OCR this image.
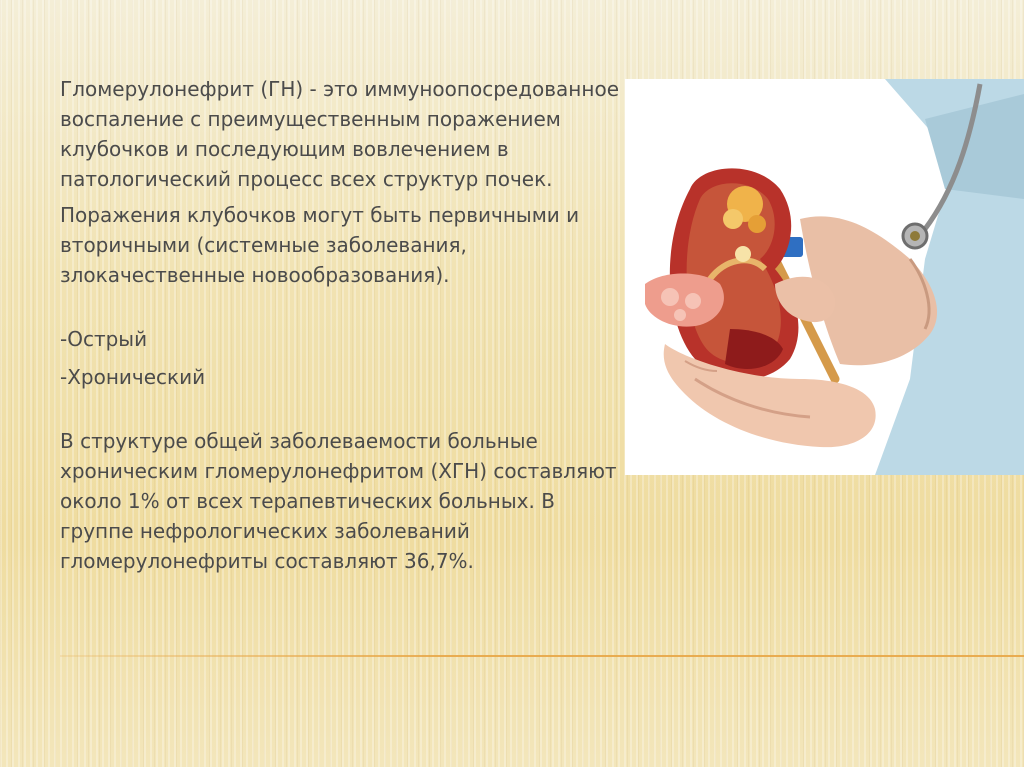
Гломерулонефрит (ГН) - это иммуноопосредованное воспаление с преимущественным поражением клубочков и последующим вовлечением в патологический процесс всех структур почек.

Поражения клубочков могут быть первичными и вторичными (системные заболевания, злокачественные новообразования).

-Острый

-Хронический

В структуре общей заболеваемости больные хроническим гломерулонефритом (ХГН) составляют около 1% от всех терапевтических больных. В группе нефрологических заболеваний гломерулонефриты составляют 36,7%.
